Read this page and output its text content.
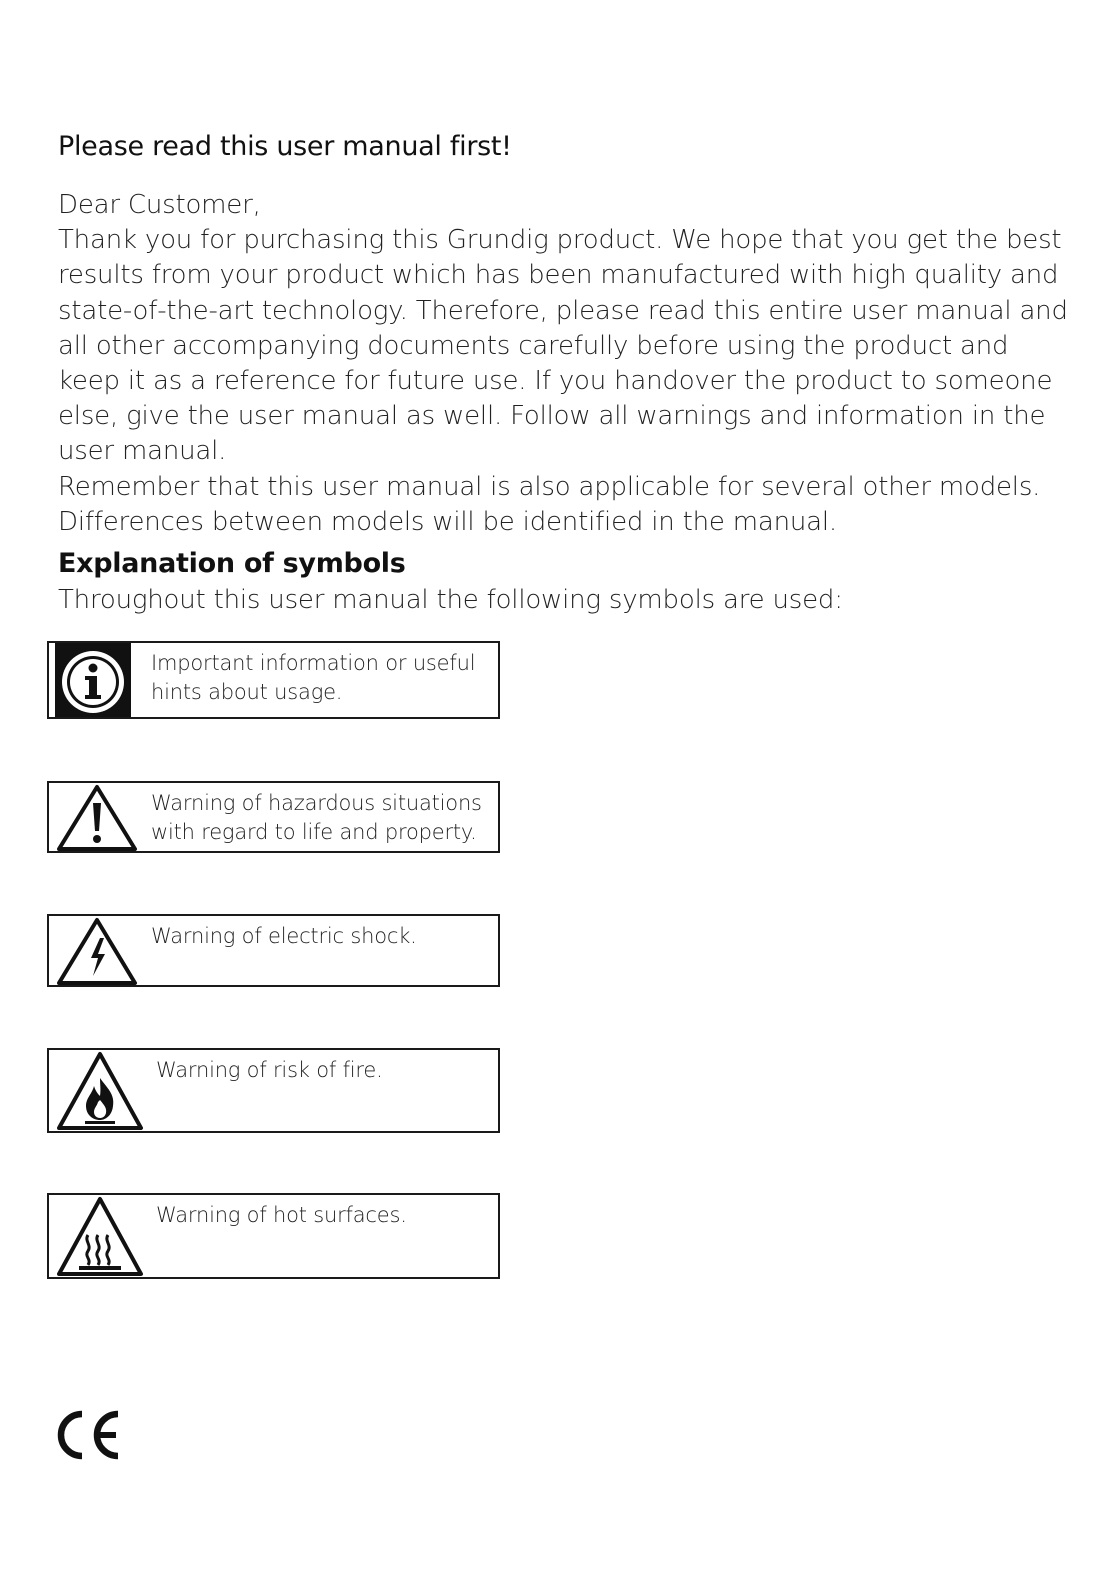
Please read this user manual first!

Dear Customer,

Thank you for purchasing this Grundig product. We hope that you get the best results from your product which has been manufactured with high quality and state-of-the-art technology. Therefore, please read this entire user manual and all other accompanying documents carefully before using the product and keep it as a reference for future use. If you handover the product to someone else, give the user manual as well. Follow all warnings and information in the user manual.

Remember that this user manual is also applicable for several other models. Differences between models will be identified in the manual.

Explanation of symbols

Throughout this user manual the following symbols are used:

Important information or useful hints about usage.
Warning of hazardous situations with regard to life and property.
Warning of electric shock.
Warning of risk of fire.
Warning of hot surfaces.
